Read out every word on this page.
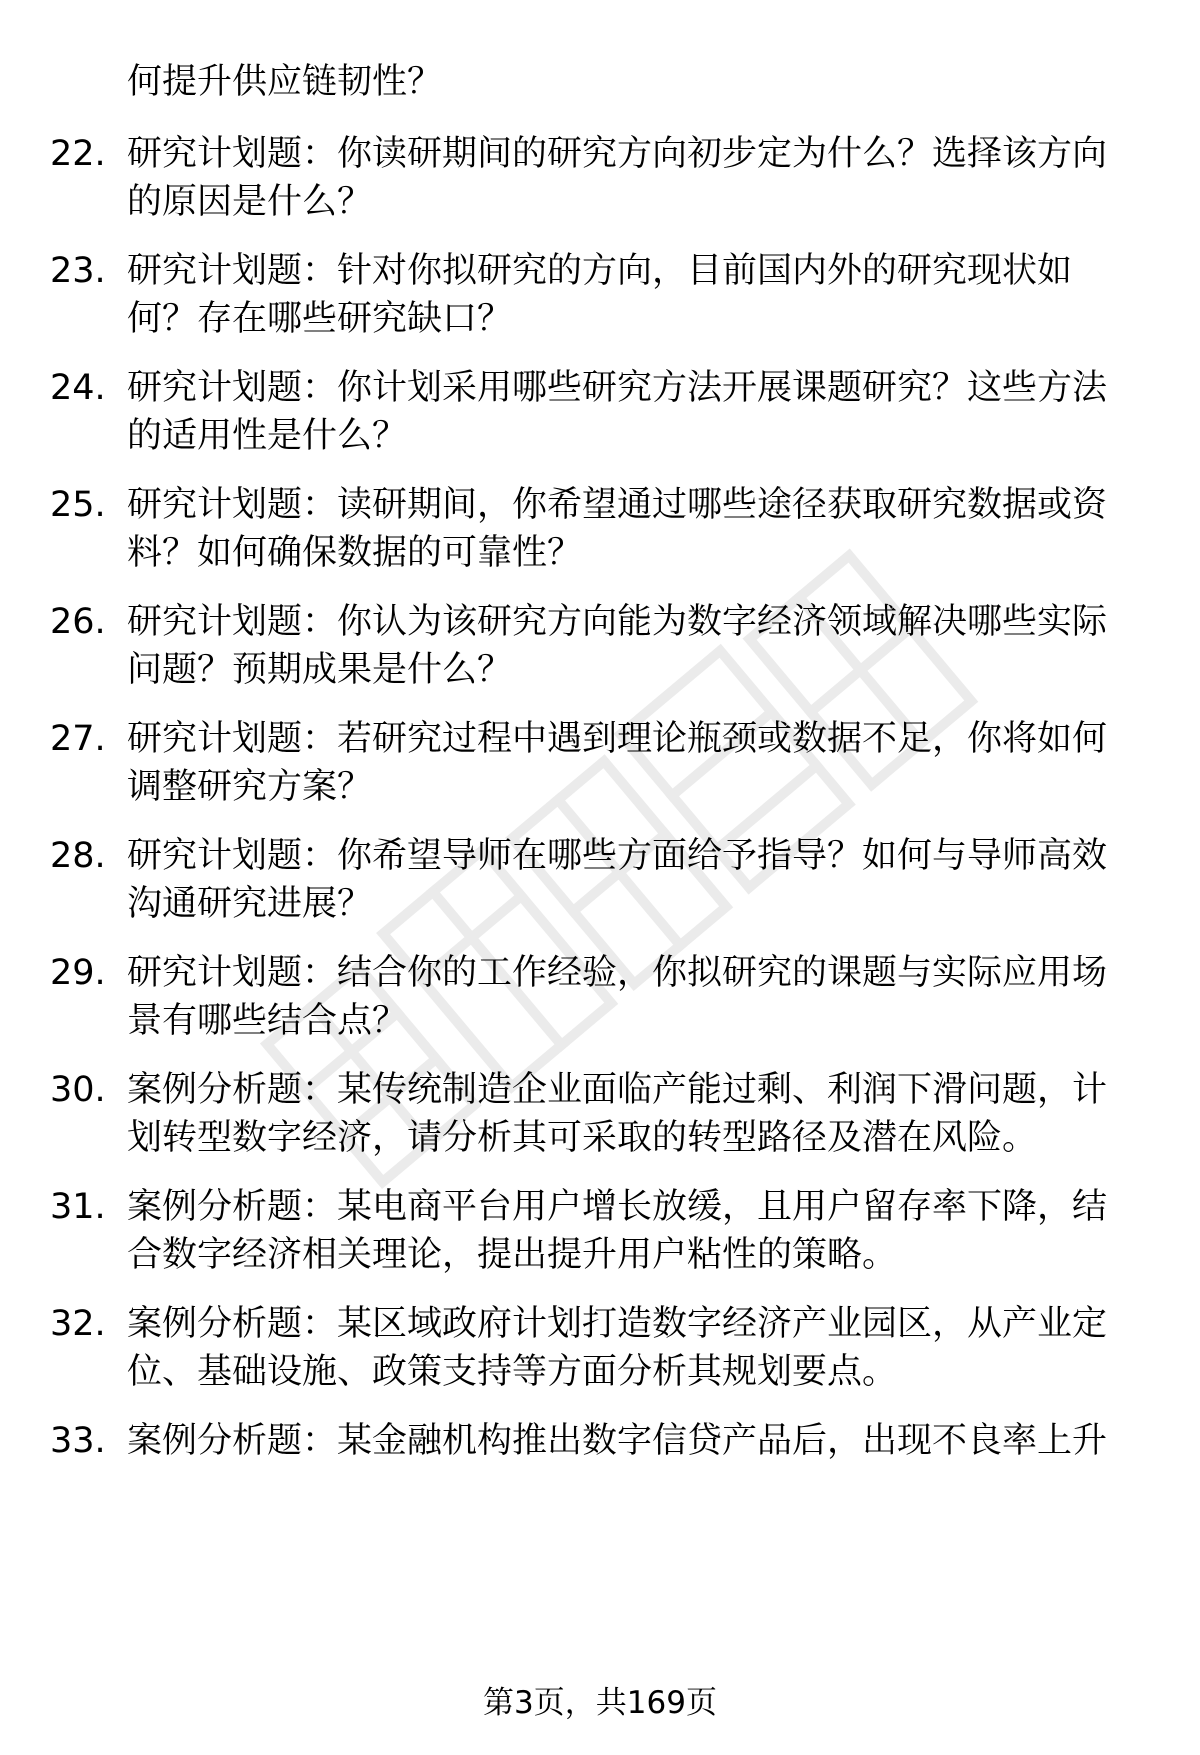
何提升供应链韧性？

22. 研究计划题：你读研期间的研究方向初步定为什么？选择该方向的原因是什么？
23. 研究计划题：针对你拟研究的方向，目前国内外的研究现状如何？存在哪些研究缺口？
24. 研究计划题：你计划采用哪些研究方法开展课题研究？这些方法的适用性是什么？
25. 研究计划题：读研期间，你希望通过哪些途径获取研究数据或资料？如何确保数据的可靠性？
26. 研究计划题：你认为该研究方向能为数字经济领域解决哪些实际问题？预期成果是什么？
27. 研究计划题：若研究过程中遇到理论瓶颈或数据不足，你将如何调整研究方案？
28. 研究计划题：你希望导师在哪些方面给予指导？如何与导师高效沟通研究进展？
29. 研究计划题：结合你的工作经验，你拟研究的课题与实际应用场景有哪些结合点？
30. 案例分析题：某传统制造企业面临产能过剩、利润下滑问题，计划转型数字经济，请分析其可采取的转型路径及潜在风险。
31. 案例分析题：某电商平台用户增长放缓，且用户留存率下降，结合数字经济相关理论，提出提升用户粘性的策略。
32. 案例分析题：某区域政府计划打造数字经济产业园区，从产业定位、基础设施、政策支持等方面分析其规划要点。
33. 案例分析题：某金融机构推出数字信贷产品后，出现不良率上升
第3页，共169页
